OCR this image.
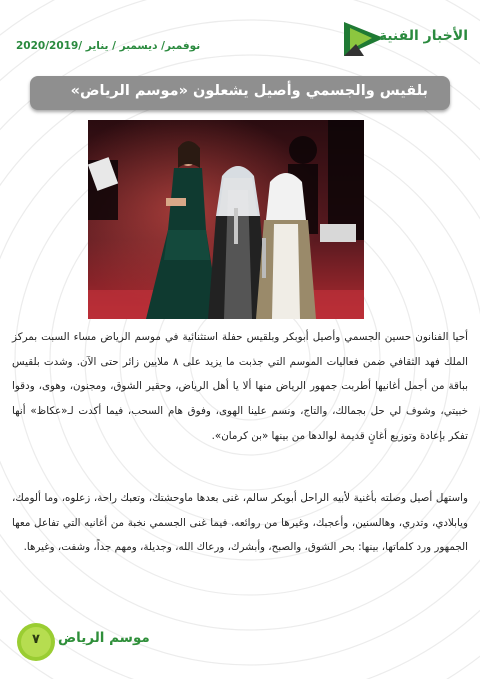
الأخبار الفنية
نوفمبر/ ديسمبر / يناير /2020/2019
بلقيس والجسمي وأصيل يشعلون «موسم الرياض»
أحيا الفنانون حسين الجسمي وأصيل أبوبكر وبلقيس حفلة استثنائية في موسم الرياض مساء السبت بمركز الملك فهد الثقافي ضمن فعاليات الموسم التي جذبت ما يزيد على ٨ ملايين زائر حتى الآن. وشدت بلقيس بباقة من أجمل أغانيها أطربت جمهور الرياض منها ألا يا أهل الرياض، وحقير الشوق، ومجنون، وهوى، ودقوا خبيتي، وشوف لي حل بجمالك، والتاج، ونسم علينا الهوى، وفوق هام السحب، فيما أكدت لـ«عكاظ» أنها تفكر بإعادة وتوزيع أغانٍ قديمة لوالدها من بينها «بن كرمان».
واستهل أصيل وصلته بأغنية لأبيه الراحل أبوبكر سالم، غنى بعدها ماوحشتك، وتعبك راحة، زعلوه، وما ألومك، ويابلادي، وتدري، وهالسنين، وأعجبك، وغيرها من روائعه. فيما غنى الجسمي نخبة من أغانيه التي تفاعل معها الجمهور ورد كلماتها، بينها: بحر الشوق، والصبح، وأبشرك، ورعاك الله، وجديلة، ومهم جداً، وشفت، وغيرها.
موسم الرياض
٧
